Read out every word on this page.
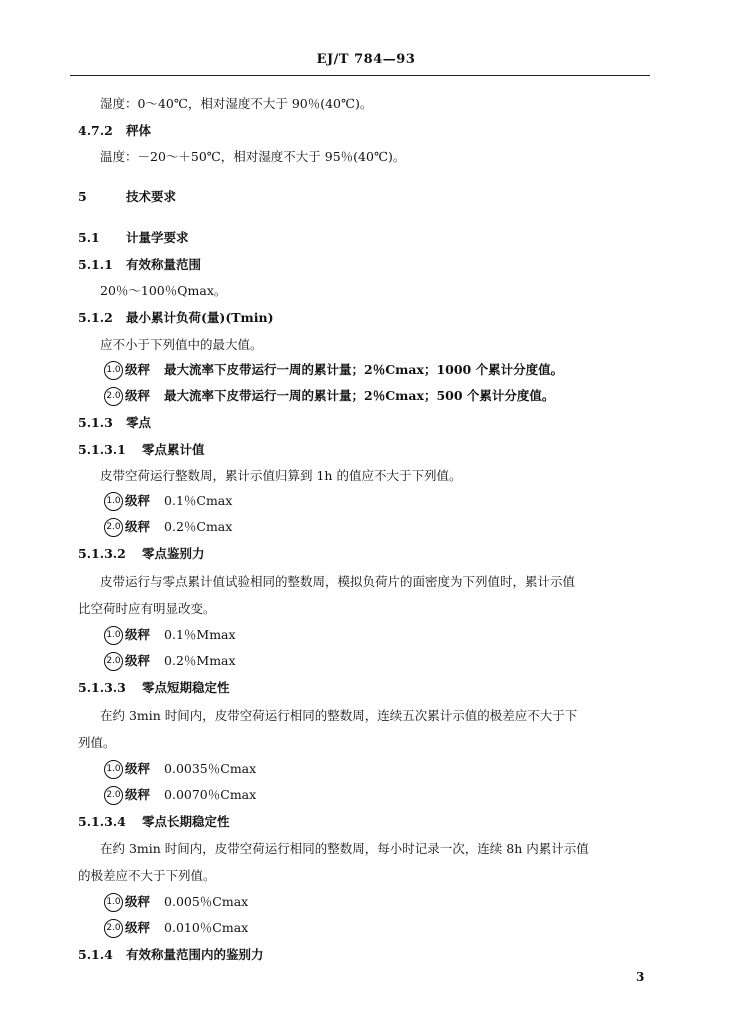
EJ/T 784—93
湿度：0～40℃，相对湿度不大于 90％(40℃)。
4.7.2 秤体
温度：－20～＋50℃，相对湿度不大于 95％(40℃)。
5	技术要求
5.1 计量学要求
5.1.1 有效称量范围
20％～100％Qmax。
5.1.2 最小累计负荷(量)(Tmin)
应不小于下列值中的最大值。
1.0 级秤 最大流率下皮带运行一周的累计量；2％Cmax；1000 个累计分度值。
2.0 级秤 最大流率下皮带运行一周的累计量；2％Cmax；500 个累计分度值。
5.1.3 零点
5.1.3.1 零点累计值
皮带空荷运行整数周，累计示值归算到 1h 的值应不大于下列值。
1.0 级秤 0.1％Cmax
2.0 级秤 0.2％Cmax
5.1.3.2 零点鉴别力
皮带运行与零点累计值试验相同的整数周，模拟负荷片的面密度为下列值时，累计示值
比空荷时应有明显改变。
1.0 级秤 0.1％Mmax
2.0 级秤 0.2％Mmax
5.1.3.3 零点短期稳定性
在约 3min 时间内，皮带空荷运行相同的整数周，连续五次累计示值的极差应不大于下
列值。
1.0 级秤 0.0035％Cmax
2.0 级秤 0.0070％Cmax
5.1.3.4 零点长期稳定性
在约 3min 时间内，皮带空荷运行相同的整数周，每小时记录一次，连续 8h 内累计示值
的极差应不大于下列值。
1.0 级秤 0.005％Cmax
2.0 级秤 0.010％Cmax
5.1.4 有效称量范围内的鉴别力
3
